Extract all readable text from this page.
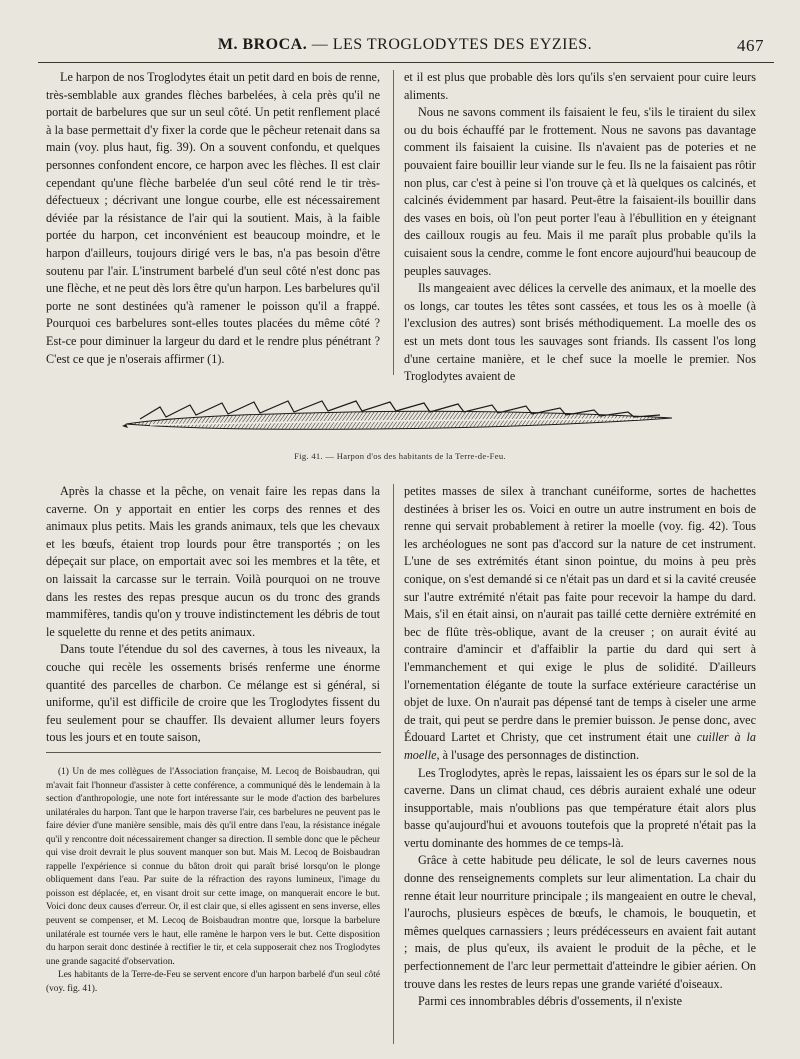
M. BROCA. — LES TROGLODYTES DES EYZIES.	467

Le harpon de nos Troglodytes était un petit dard en bois de renne, très-semblable aux grandes flèches barbelées, à cela près qu'il ne portait de barbelures que sur un seul côté. Un petit renflement placé à la base permettait d'y fixer la corde que le pêcheur retenait dans sa main (voy. plus haut, fig. 39). On a souvent confondu, et quelques personnes confondent encore, ce harpon avec les flèches. Il est clair cependant qu'une flèche barbelée d'un seul côté rend le tir très-défectueux ; décrivant une longue courbe, elle est nécessairement déviée par la résistance de l'air qui la soutient. Mais, à la faible portée du harpon, cet inconvénient est beaucoup moindre, et le harpon d'ailleurs, toujours dirigé vers le bas, n'a pas besoin d'être soutenu par l'air. L'instrument barbelé d'un seul côté n'est donc pas une flèche, et ne peut dès lors être qu'un harpon. Les barbelures qu'il porte ne sont destinées qu'à ramener le poisson qu'il a frappé. Pourquoi ces barbelures sont-elles toutes placées du même côté ? Est-ce pour diminuer la largeur du dard et le rendre plus pénétrant ? C'est ce que je n'oserais affirmer (1).

et il est plus que probable dès lors qu'ils s'en servaient pour cuire leurs aliments.

Nous ne savons comment ils faisaient le feu, s'ils le tiraient du silex ou du bois échauffé par le frottement. Nous ne savons pas davantage comment ils faisaient la cuisine. Ils n'avaient pas de poteries et ne pouvaient faire bouillir leur viande sur le feu. Ils ne la faisaient pas rôtir non plus, car c'est à peine si l'on trouve çà et là quelques os calcinés, et calcinés évidemment par hasard. Peut-être la faisaient-ils bouillir dans des vases en bois, où l'on peut porter l'eau à l'ébullition en y éteignant des cailloux rougis au feu. Mais il me paraît plus probable qu'ils la cuisaient sous la cendre, comme le font encore aujourd'hui beaucoup de peuples sauvages.

Ils mangeaient avec délices la cervelle des animaux, et la moelle des os longs, car toutes les têtes sont cassées, et tous les os à moelle (à l'exclusion des autres) sont brisés méthodiquement. La moelle des os est un mets dont tous les sauvages sont friands. Ils cassent l'os long d'une certaine manière, et le chef suce la moelle le premier. Nos Troglodytes avaient de

Fig. 41. — Harpon d'os des habitants de la Terre-de-Feu.

Après la chasse et la pêche, on venait faire les repas dans la caverne. On y apportait en entier les corps des rennes et des animaux plus petits. Mais les grands animaux, tels que les chevaux et les bœufs, étaient trop lourds pour être transportés ; on les dépeçait sur place, on emportait avec soi les membres et la tête, et on laissait la carcasse sur le terrain. Voilà pourquoi on ne trouve dans les restes des repas presque aucun os du tronc des grands mammifères, tandis qu'on y trouve indistinctement les débris de tout le squelette du renne et des petits animaux.

Dans toute l'étendue du sol des cavernes, à tous les niveaux, la couche qui recèle les ossements brisés renferme une énorme quantité des parcelles de charbon. Ce mélange est si général, si uniforme, qu'il est difficile de croire que les Troglodytes fissent du feu seulement pour se chauffer. Ils devaient allumer leurs foyers tous les jours et en toute saison,

(1) Un de mes collègues de l'Association française, M. Lecoq de Boisbaudran, qui m'avait fait l'honneur d'assister à cette conférence, a communiqué dès le lendemain à la section d'anthropologie, une note fort intéressante sur le mode d'action des barbelures unilatérales du harpon. Tant que le harpon traverse l'air, ces barbelures ne peuvent pas le faire dévier d'une manière sensible, mais dès qu'il entre dans l'eau, la résistance inégale qu'il y rencontre doit nécessairement changer sa direction. Il semble donc que le pêcheur qui vise droit devrait le plus souvent manquer son but. Mais M. Lecoq de Boisbaudran rappelle l'expérience si connue du bâton droit qui paraît brisé lorsqu'on le plonge obliquement dans l'eau. Par suite de la réfraction des rayons lumineux, l'image du poisson est déplacée, et, en visant droit sur cette image, on manquerait encore le but. Voici donc deux causes d'erreur. Or, il est clair que, si elles agissent en sens inverse, elles peuvent se compenser, et M. Lecoq de Boisbaudran montre que, lorsque la barbelure unilatérale est tournée vers le haut, elle ramène le harpon vers le but. Cette disposition du harpon serait donc destinée à rectifier le tir, et cela supposerait chez nos Troglodytes une grande sagacité d'observation.

Les habitants de la Terre-de-Feu se servent encore d'un harpon barbelé d'un seul côté (voy. fig. 41).

petites masses de silex à tranchant cunéiforme, sortes de hachettes destinées à briser les os. Voici en outre un autre instrument en bois de renne qui servait probablement à retirer la moelle (voy. fig. 42). Tous les archéologues ne sont pas d'accord sur la nature de cet instrument. L'une de ses extrémités étant sinon pointue, du moins à peu près conique, on s'est demandé si ce n'était pas un dard et si la cavité creusée sur l'autre extrémité n'était pas faite pour recevoir la hampe du dard. Mais, s'il en était ainsi, on n'aurait pas taillé cette dernière extrémité en bec de flûte très-oblique, avant de la creuser ; on aurait évité au contraire d'amincir et d'affaiblir la partie du dard qui sert à l'emmanchement et qui exige le plus de solidité. D'ailleurs l'ornementation élégante de toute la surface extérieure caractérise un objet de luxe. On n'aurait pas dépensé tant de temps à ciseler une arme de trait, qui peut se perdre dans le premier buisson. Je pense donc, avec Édouard Lartet et Christy, que cet instrument était une cuiller à la moelle, à l'usage des personnages de distinction.

Les Troglodytes, après le repas, laissaient les os épars sur le sol de la caverne. Dans un climat chaud, ces débris auraient exhalé une odeur insupportable, mais n'oublions pas que température était alors plus basse qu'aujourd'hui et avouons toutefois que la propreté n'était pas la vertu dominante des hommes de ce temps-là.

Grâce à cette habitude peu délicate, le sol de leurs cavernes nous donne des renseignements complets sur leur alimentation. La chair du renne était leur nourriture principale ; ils mangeaient en outre le cheval, l'aurochs, plusieurs espèces de bœufs, le chamois, le bouquetin, et mêmes quelques carnassiers ; leurs prédécesseurs en avaient fait autant ; mais, de plus qu'eux, ils avaient le produit de la pêche, et le perfectionnement de l'arc leur permettait d'atteindre le gibier aérien. On trouve dans les restes de leurs repas une grande variété d'oiseaux.

Parmi ces innombrables débris d'ossements, il n'existe
